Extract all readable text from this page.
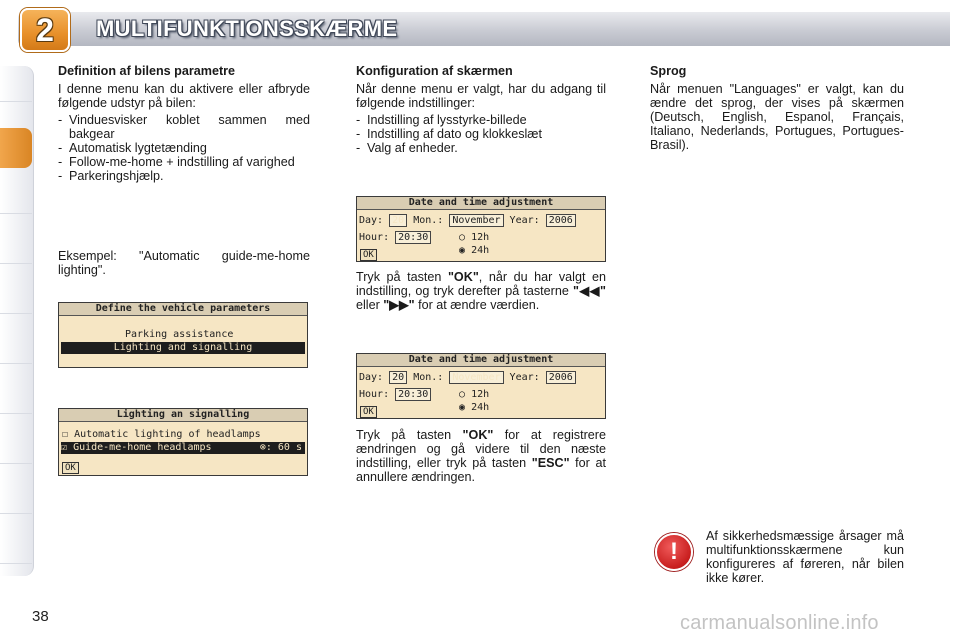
2 MULTIFUNKTIONSSKÆRME
Definition af bilens parametre
I denne menu kan du aktivere eller afbryde følgende udstyr på bilen:
- Vinduesvisker koblet sammen med bakgear
- Automatisk lygtetænding
- Follow-me-home + indstilling af varighed
- Parkeringshjælp.
Eksempel: "Automatic guide-me-home lighting".
Define the vehicle parameters
Parking assistance
Lighting and signalling
Lighting an signalling
☐ Automatic lighting of headlamps
☑ Guide-me-home headlamps	⊗: 60 s
OK
Konfiguration af skærmen
Når denne menu er valgt, har du adgang til følgende indstillinger:
- Indstilling af lysstyrke-billede
- Indstilling af dato og klokkeslæt
- Valg af enheder.
Date and time adjustment
Day: 20 Mon.: November Year: 2006
Hour: 20:30	○ 12h
◉ 24h
OK
Tryk på tasten "OK", når du har valgt en indstilling, og tryk derefter på tasterne "◀◀" eller "▶▶" for at ændre værdien.
Date and time adjustment
Day: 20 Mon.: November Year: 2006
Hour: 20:30	○ 12h
◉ 24h
OK
Tryk på tasten "OK" for at registrere ændringen og gå videre til den næste indstilling, eller tryk på tasten "ESC" for at annullere ændringen.
Sprog
Når menuen "Languages" er valgt, kan du ændre det sprog, der vises på skærmen (Deutsch, English, Espanol, Français, Italiano, Nederlands, Portugues, Portugues-Brasil).
!
Af sikkerhedsmæssige årsager må multifunktionsskærmene kun konfigureres af føreren, når bilen ikke kører.
38	carmanualsonline.info
